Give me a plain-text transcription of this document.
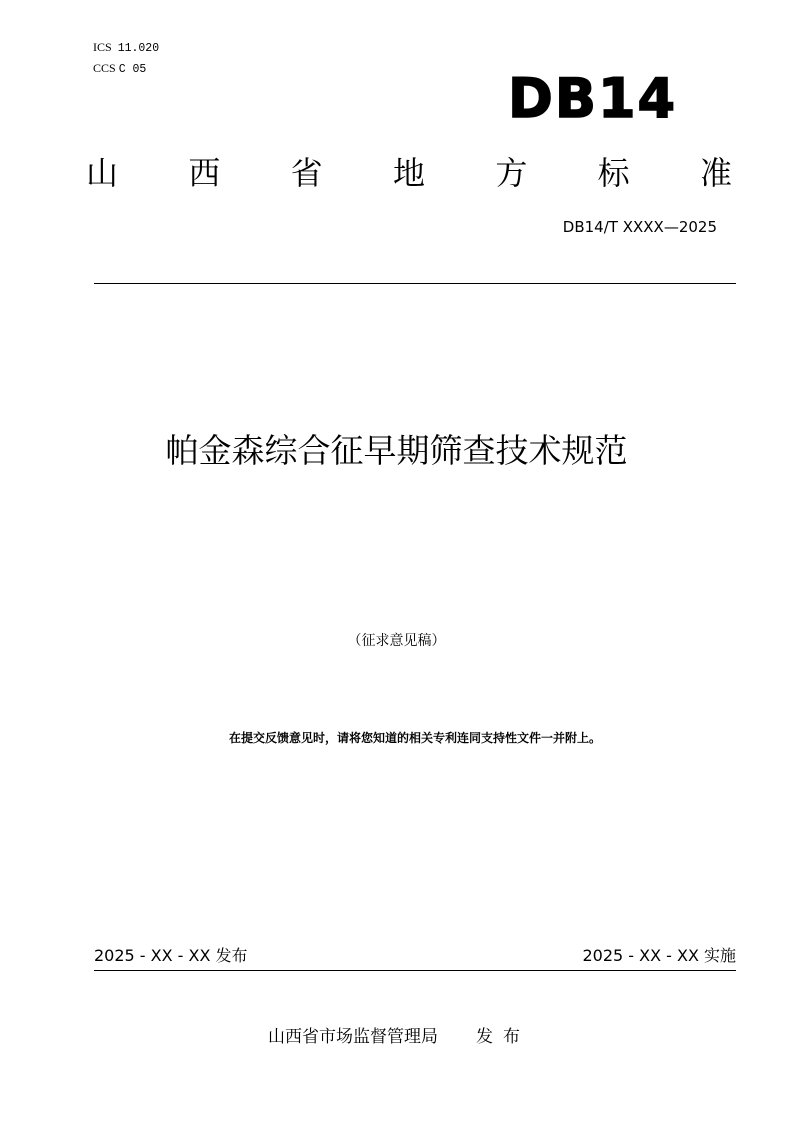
ICS 11.020
CCS C 05	DB14
山 西 省 地 方 标 准
DB14/T XXXX—2025
帕金森综合征早期筛查技术规范
（征求意见稿）
在提交反馈意见时，请将您知道的相关专利连同支持性文件一并附上。
2025 - XX - XX 发布	2025 - XX - XX 实施
山西省市场监督管理局 发布
